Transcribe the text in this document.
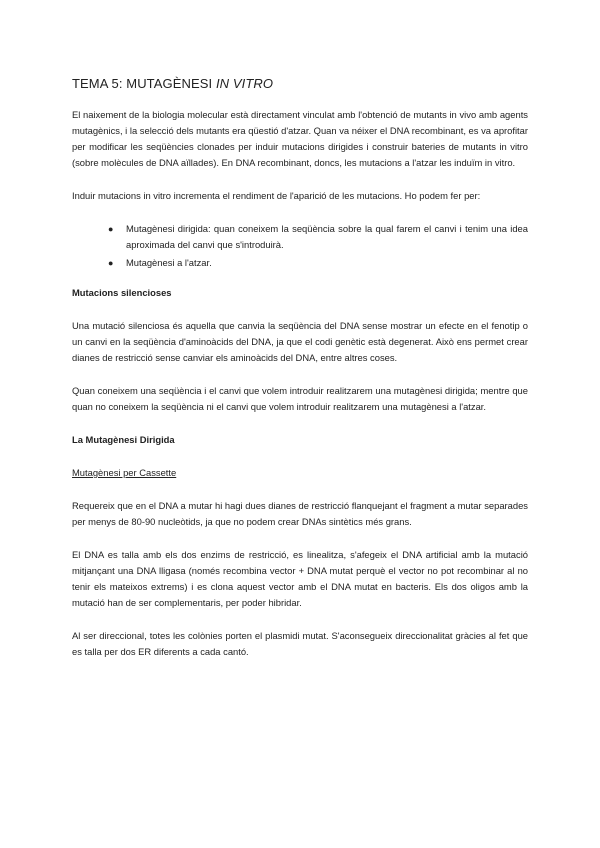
TEMA 5: MUTAGÈNESI IN VITRO

El naixement de la biologia molecular està directament vinculat amb l'obtenció de mutants in vivo amb agents mutagènics, i la selecció dels mutants era qüestió d'atzar. Quan va néixer el DNA recombinant, es va aprofitar per modificar les seqüències clonades per induir mutacions dirigides i construir bateries de mutants in vitro (sobre molècules de DNA aïllades). En DNA recombinant, doncs, les mutacions a l'atzar les induïm in vitro.

Induir mutacions in vitro incrementa el rendiment de l'aparició de les mutacions. Ho podem fer per:

● Mutagènesi dirigida: quan coneixem la seqüència sobre la qual farem el canvi i tenim una idea aproximada del canvi que s'introduirà.
● Mutagènesi a l'atzar.
Mutacions silencioses

Una mutació silenciosa és aquella que canvia la seqüència del DNA sense mostrar un efecte en el fenotip o un canvi en la seqüència d'aminoàcids del DNA, ja que el codi genètic està degenerat. Això ens permet crear dianes de restricció sense canviar els aminoàcids del DNA, entre altres coses.

Quan coneixem una seqüència i el canvi que volem introduir realitzarem una mutagènesi dirigida; mentre que quan no coneixem la seqüència ni el canvi que volem introduir realitzarem una mutagènesi a l'atzar.

La Mutagènesi Dirigida
Mutagènesi per Cassette

Requereix que en el DNA a mutar hi hagi dues dianes de restricció flanquejant el fragment a mutar separades per menys de 80-90 nucleòtids, ja que no podem crear DNAs sintètics més grans.

El DNA es talla amb els dos enzims de restricció, es linealitza, s'afegeix el DNA artificial amb la mutació mitjançant una DNA lligasa (només recombina vector + DNA mutat perquè el vector no pot recombinar al no tenir els mateixos extrems) i es clona aquest vector amb el DNA mutat en bacteris. Els dos oligos amb la mutació han de ser complementaris, per poder hibridar.

Al ser direccional, totes les colònies porten el plasmidi mutat. S'aconsegueix direccionalitat gràcies al fet que es talla per dos ER diferents a cada cantó.
